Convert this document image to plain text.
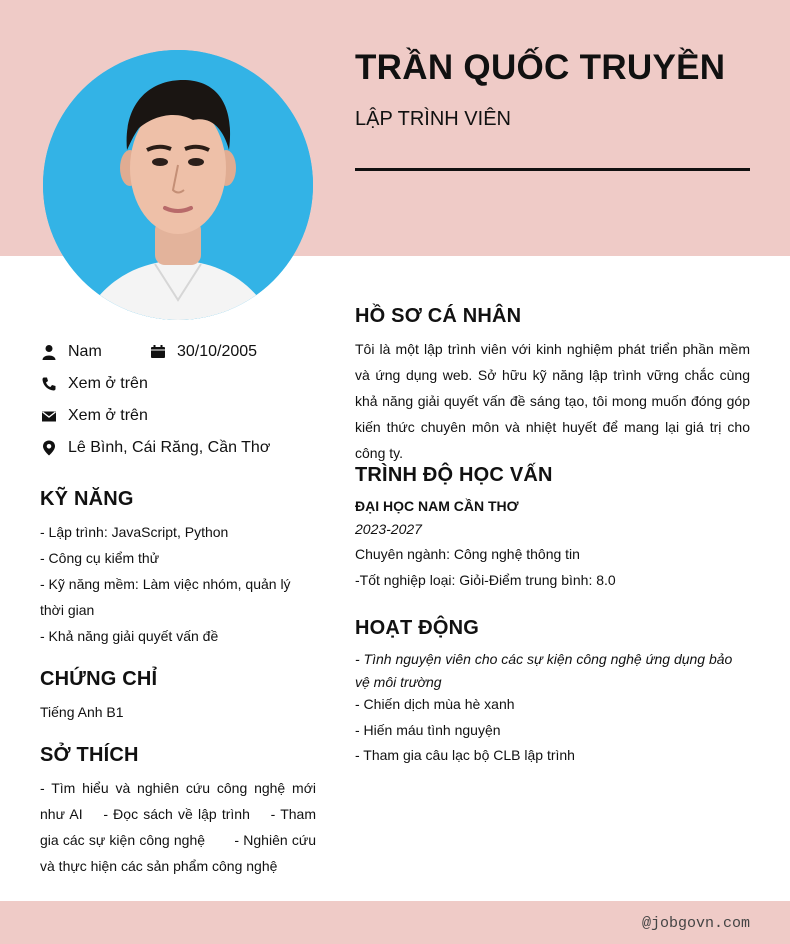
TRẦN QUỐC TRUYỀN
LẬP TRÌNH VIÊN
Nam	30/10/2005
Xem ở trên
Xem ở trên
Lê Bình, Cái Răng, Cần Thơ
KỸ NĂNG
- Lập trình: JavaScript, Python
- Công cụ kiểm thử
- Kỹ năng mềm: Làm việc nhóm, quản lý thời gian
- Khả năng giải quyết vấn đề
CHỨNG CHỈ
Tiếng Anh B1
SỞ THÍCH
- Tìm hiểu và nghiên cứu công nghệ mới như AI    - Đọc sách về lập trình    - Tham gia các sự kiện công nghệ       - Nghiên cứu và thực hiện các sản phẩm công nghệ
HỒ SƠ CÁ NHÂN
Tôi là một lập trình viên với kinh nghiệm phát triển phần mềm và ứng dụng web. Sở hữu kỹ năng lập trình vững chắc cùng khả năng giải quyết vấn đề sáng tạo, tôi mong muốn đóng góp kiến thức chuyên môn và nhiệt huyết để mang lại giá trị cho công ty.
TRÌNH ĐỘ HỌC VẤN
ĐẠI HỌC NAM CẦN THƠ
2023-2027
Chuyên ngành: Công nghệ thông tin
-Tốt nghiệp loại: Giỏi-Điểm trung bình: 8.0
HOẠT ĐỘNG
- Tình nguyện viên cho các sự kiện công nghệ ứng dụng bảo vệ môi trường
- Chiến dịch mùa hè xanh
- Hiến máu tình nguyện
- Tham gia câu lạc bộ CLB lập trình
@jobgovn.com
